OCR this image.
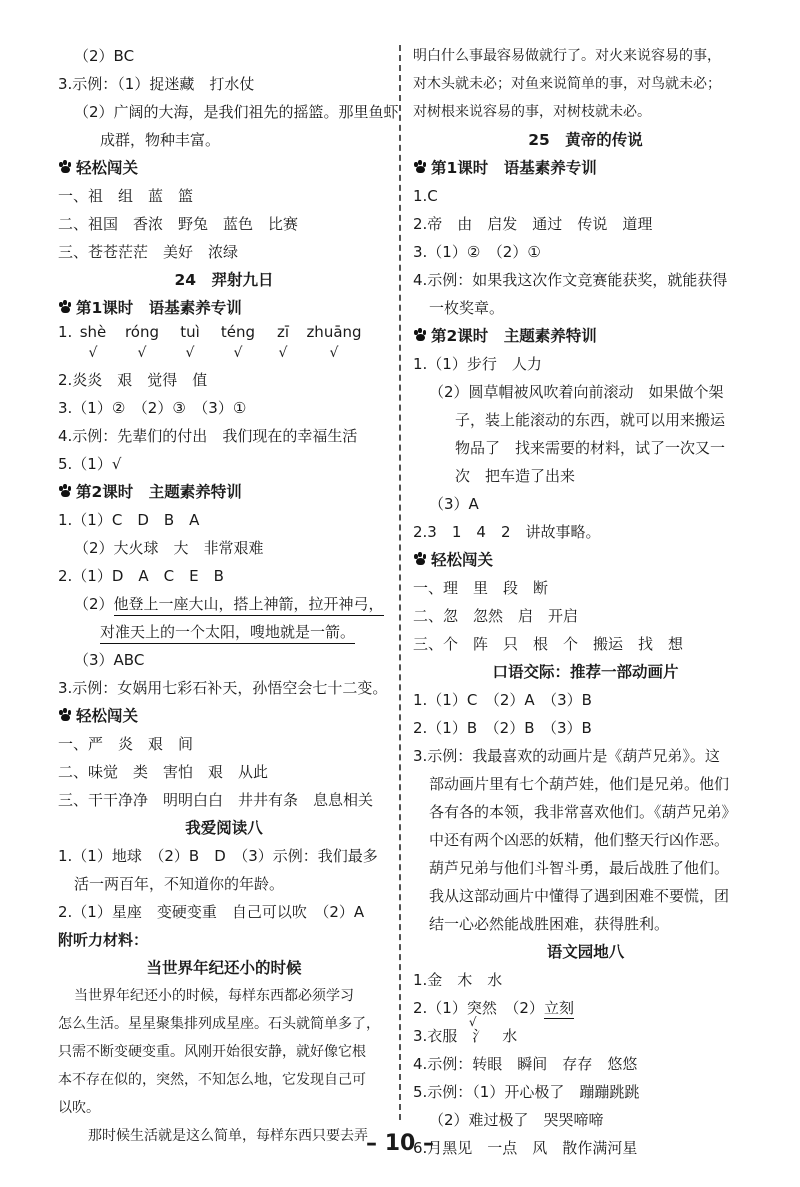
（2）BC
3.示例：（1）捉迷藏　打水仗
（2）广阔的大海，是我们祖先的摇篮。那里鱼虾
成群，物种丰富。
轻松闯关
一、祖　组　蓝　篮
二、祖国　香浓　野兔　蓝色　比赛
三、苍苍茫茫　美好　浓绿
24　羿射九日
第1课时　语基素养专训
1. shè róng tuì téng zī zhuāng
√	√	√	√	√	√
2.炎炎　艰　觉得　值
3.（1）②　（2）③　（3）①
4.示例：先辈们的付出　我们现在的幸福生活
5.（1）√
第2课时　主题素养特训
1.（1）C　D　B　A
（2）大火球　大　非常艰难
2.（1）D　A　C　E　B
（2）他登上一座大山，搭上神箭，拉开神弓，
对准天上的一个太阳，嗖地就是一箭。
（3）ABC
3.示例：女娲用七彩石补天，孙悟空会七十二变。
轻松闯关
一、严　炎　艰　间
二、味觉　类　害怕　艰　从此
三、干干净净　明明白白　井井有条　息息相关
我爱阅读八
1.（1）地球　（2）B　D　（3）示例：我们最多
活一两百年，不知道你的年龄。
2.（1）星座　变硬变重　自己可以吹　（2）A
附听力材料：
当世界年纪还小的时候
当世界年纪还小的时候，每样东西都必须学习
怎么生活。星星聚集排列成星座。石头就简单多了，
只需不断变硬变重。风刚开始很安静，就好像它根
本不存在似的，突然，不知怎么地，它发现自己可
以吹。
那时候生活就是这么简单，每样东西只要去弄
明白什么事最容易做就行了。对火来说容易的事，
对木头就未必；对鱼来说简单的事，对鸟就未必；
对树根来说容易的事，对树枝就未必。
25　黄帝的传说
第1课时　语基素养专训
1.C
2.帝　由　启发　通过　传说　道理
3.（1）②　（2）①
4.示例：如果我这次作文竞赛能获奖，就能获得
一枚奖章。
第2课时　主题素养特训
1.（1）步行　人力
（2）圆草帽被风吹着向前滚动　如果做个架
子，装上能滚动的东西，就可以用来搬运
物品了　找来需要的材料，试了一次又一
次　把车造了出来
（3）A
2.3　1　4　2　讲故事略。
轻松闯关
一、理　里　段　断
二、忽　忽然　启　开启
三、个　阵　只　根　个　搬运　找　想
口语交际：推荐一部动画片
1.（1）C　（2）A　（3）B
2.（1）B　（2）B　（3）B
3.示例：我最喜欢的动画片是《葫芦兄弟》。这
部动画片里有七个葫芦娃，他们是兄弟。他们
各有各的本领，我非常喜欢他们。《葫芦兄弟》
中还有两个凶恶的妖精，他们整天行凶作恶。
葫芦兄弟与他们斗智斗勇，最后战胜了他们。
我从这部动画片中懂得了遇到困难不要慌，团
结一心必然能战胜困难，获得胜利。
语文园地八
1.金　木　水
2.（1）突然
√
　（2）立刻
3.衣服　氵　水
4.示例：转眼　瞬间　存存　悠悠
5.示例：（1）开心极了　蹦蹦跳跳
（2）难过极了　哭哭啼啼
6.月黑见　一点　风　散作满河星
– 10 –
